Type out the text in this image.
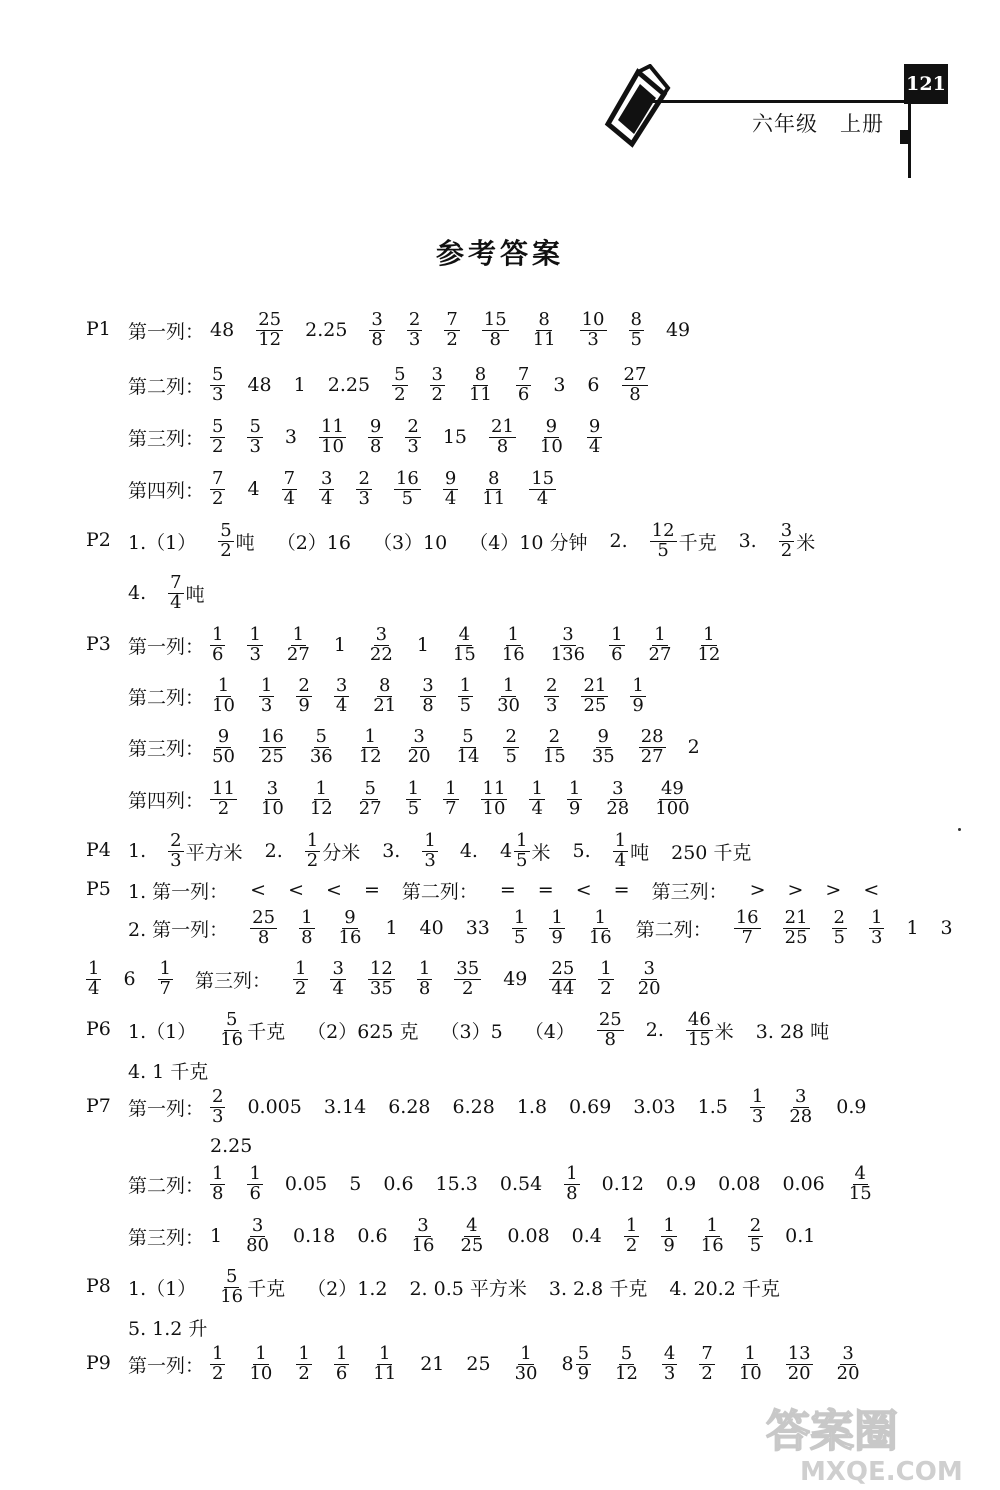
121
六年级　上册
参考答案
P1 第一列： $48 \frac{25}{12} 2.25 \frac{3}{8} \frac{2}{3} \frac{7}{2} \frac{15}{8} \frac{8}{11} \frac{10}{3} \frac{8}{5} 49$
第二列： $\frac{5}{3} 48$ 1 $2.25 \frac{5}{2} \frac{3}{2} \frac{8}{11} \frac{7}{6} 3$ $6 \frac{27}{8}$
第三列： $\frac{5}{2} \frac{5}{3} 3 \frac{11}{10} \frac{9}{8} \frac{2}{3} 15 \frac{21}{8} \frac{9}{10} \frac{9}{4}$
第四列： $\frac{7}{2} 4 \frac{7}{4} \frac{3}{4} \frac{2}{3} \frac{16}{5} \frac{9}{4} \frac{8}{11} \frac{15}{4}$
P2 $1.(1) \frac{5}{2}$ 吨 （2）16 （3）10 （4）10 分钟 2. $\frac{12}{5}$ 千克 3. $\frac{3}{2}$ 米
4. $\frac{7}{4}$ 吨
P3 第一列： $\frac{1}{6} \frac{1}{3} \frac{1}{27} 1 \frac{3}{22} 1 \frac{4}{15} \frac{1}{16} \frac{3}{136} \frac{1}{6} \frac{1}{27} \frac{1}{12}$
第二列： $\frac{1}{10} \frac{1}{3} \frac{2}{9} \frac{3}{4} \frac{8}{21} \frac{3}{8} \frac{1}{5} \frac{1}{30} \frac{2}{3} \frac{21}{25} \frac{1}{9}$
第三列： $\frac{9}{50} \frac{16}{25} \frac{5}{36} \frac{1}{12} \frac{3}{20} \frac{5}{14} \frac{2}{5} \frac{2}{15} \frac{9}{35} \frac{28}{27} 2$
第四列： $\frac{11}{2} \frac{3}{10} \frac{1}{12} \frac{5}{27} \frac{1}{5} \frac{1}{7} \frac{11}{10} \frac{1}{4} \frac{1}{9} \frac{3}{28} \frac{49}{100}$
P4 1. $\frac{2}{3}$ 平方米 2. $\frac{1}{2}$ 分米 3. $\frac{1}{3} 4$. $4 \frac{1}{5}$ 米 5. $\frac{1}{4}$ 吨 250 千克
P5 1. 第一列： < < < = 第二列： = = < = 第三列： > > > <
2. 第一列： $\frac{25}{8} \frac{1}{8} \frac{9}{16} 1$ 40 $33 \frac{1}{5} \frac{1}{9} \frac{1}{16}$ 第二列： $\frac{16}{7} \frac{21}{25} \frac{2}{5} \frac{1}{3} 1$ 3
$\frac{1}{4} 6 \frac{1}{7}$ 第三列： $\frac{1}{2} \frac{3}{4} \frac{12}{35} \frac{1}{8} \frac{35}{2} 49 \frac{25}{44} \frac{1}{2} \frac{3}{20}$
P6 $1.(1) \frac{5}{16}$ 千克 （2）625 克 （3）5 $(4) \frac{25}{8} 2$. $\frac{46}{15}$ 米 3. 28 吨
4. 1 千克
P7 第一列： $\frac{2}{3} 0.005$ 3.14 6.28 6.28 1.8 0.69 3.03 $1.5 \frac{1}{3} \frac{3}{28} 0.9$
2.25
第二列： $\frac{1}{8} \frac{1}{6} 0.05$ 5 0.6 15.3 $0.54 \frac{1}{8} 0.12$ 0.9 0.08 $0.06 \frac{4}{15}$
第三列： $1 \frac{3}{80} 0.18$ $0.6 \frac{3}{16} \frac{4}{25} 0.08$ $0.4 \frac{1}{2} \frac{1}{9} \frac{1}{16} \frac{2}{5} 0.1$
P8 $1.(1) \frac{5}{16}$ 千克 （2）1.2 2. 0.5 平方米 3. 2.8 千克 4. 20.2 千克
5. 1.2 升
P9 第一列： $\frac{1}{2} \frac{1}{10} \frac{1}{2} \frac{1}{6} \frac{1}{11} 21$ $25 \frac{1}{30} 8 \frac{5}{9} \frac{5}{12} \frac{4}{3} \frac{7}{2} \frac{1}{10} \frac{13}{20} \frac{3}{20}$
答案圈
MXQE.COM
